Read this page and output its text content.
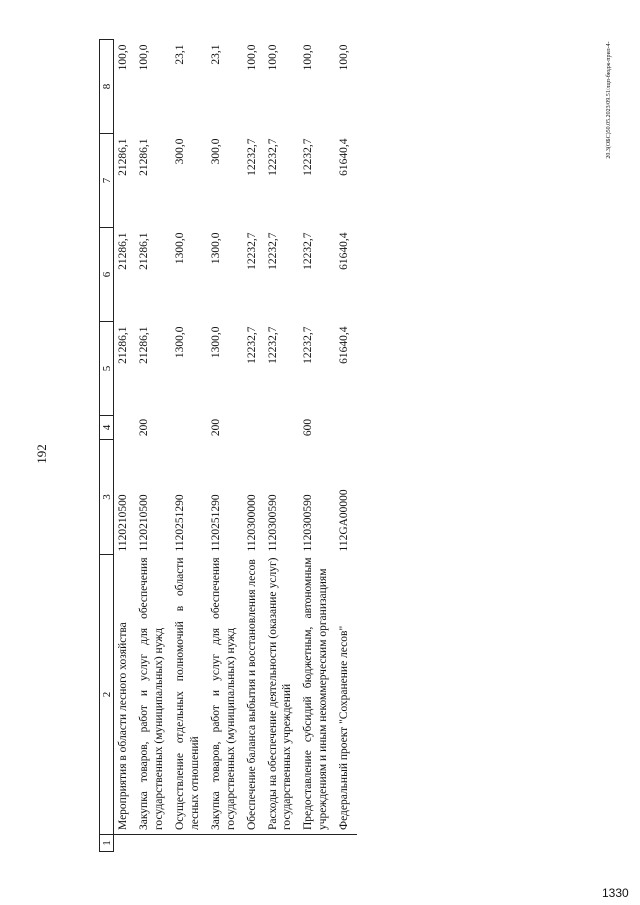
192
1	2	3	4	5	6	7	8
	Мероприятия в области лесного хозяйства	1120210500		21286,1	21286,1	21286,1	100,0
	Закупка товаров, работ и услуг для обеспечения государственных (муниципальных) нужд	1120210500	200	21286,1	21286,1	21286,1	100,0
	Осуществление отдельных полномочий в области лесных отношений	1120251290		1300,0	1300,0	300,0	23,1
	Закупка товаров, работ и услуг для обеспечения государственных (муниципальных) нужд	1120251290	200	1300,0	1300,0	300,0	23,1
	Обеспечение баланса выбытия и восстановления лесов	1120300000		12232,7	12232,7	12232,7	100,0
	Расходы на обеспечение деятельности (оказание услуг) государственных учреждений	1120300590		12232,7	12232,7	12232,7	100,0
	Предоставление субсидий бюджетным, автономным учреждениям и иным некоммерческим организациям	1120300590	600	12232,7	12232,7	12232,7	100,0
	Федеральный проект "Сохранение лесов"	112GA00000		61640,4	61640,4	61640,4	100,0	20.3(ОБС)50.05.2023/09.51/лцп-бюдж-прил-4-
1330
